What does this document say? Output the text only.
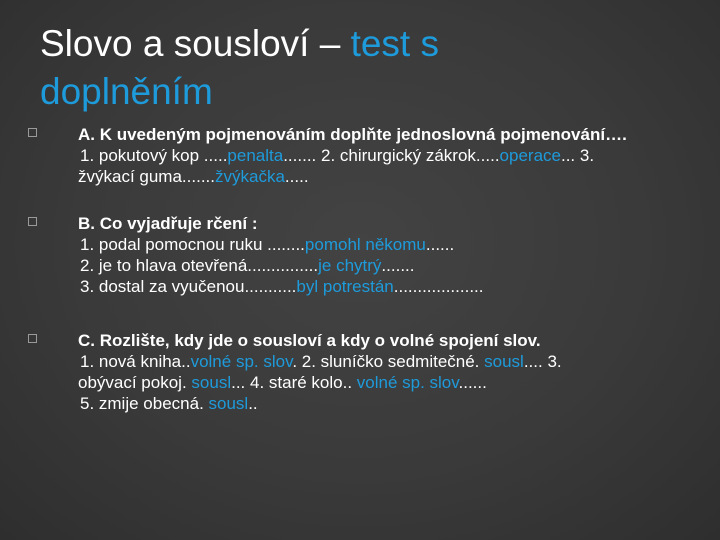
Slovo a sousloví – test s
doplněním
A. K uvedeným pojmenováním doplňte jednoslovná pojmenování….
1. pokutový kop .....penalta....... 2. chirurgický zákrok.....operace... 3.
žvýkací guma.......žvýkačka.....
B. Co vyjadřuje rčení :
1. podal pomocnou ruku ........pomohl někomu......
2. je to hlava otevřená...............je chytrý.......
3. dostal za vyučenou...........byl potrestán...................
C. Rozlište, kdy jde o sousloví a kdy o volné spojení slov.
1. nová kniha..volné sp. slov. 2. sluníčko sedmitečné. sousl.... 3.
obývací pokoj. sousl... 4. staré kolo.. volné sp. slov......
5. zmije obecná. sousl..
